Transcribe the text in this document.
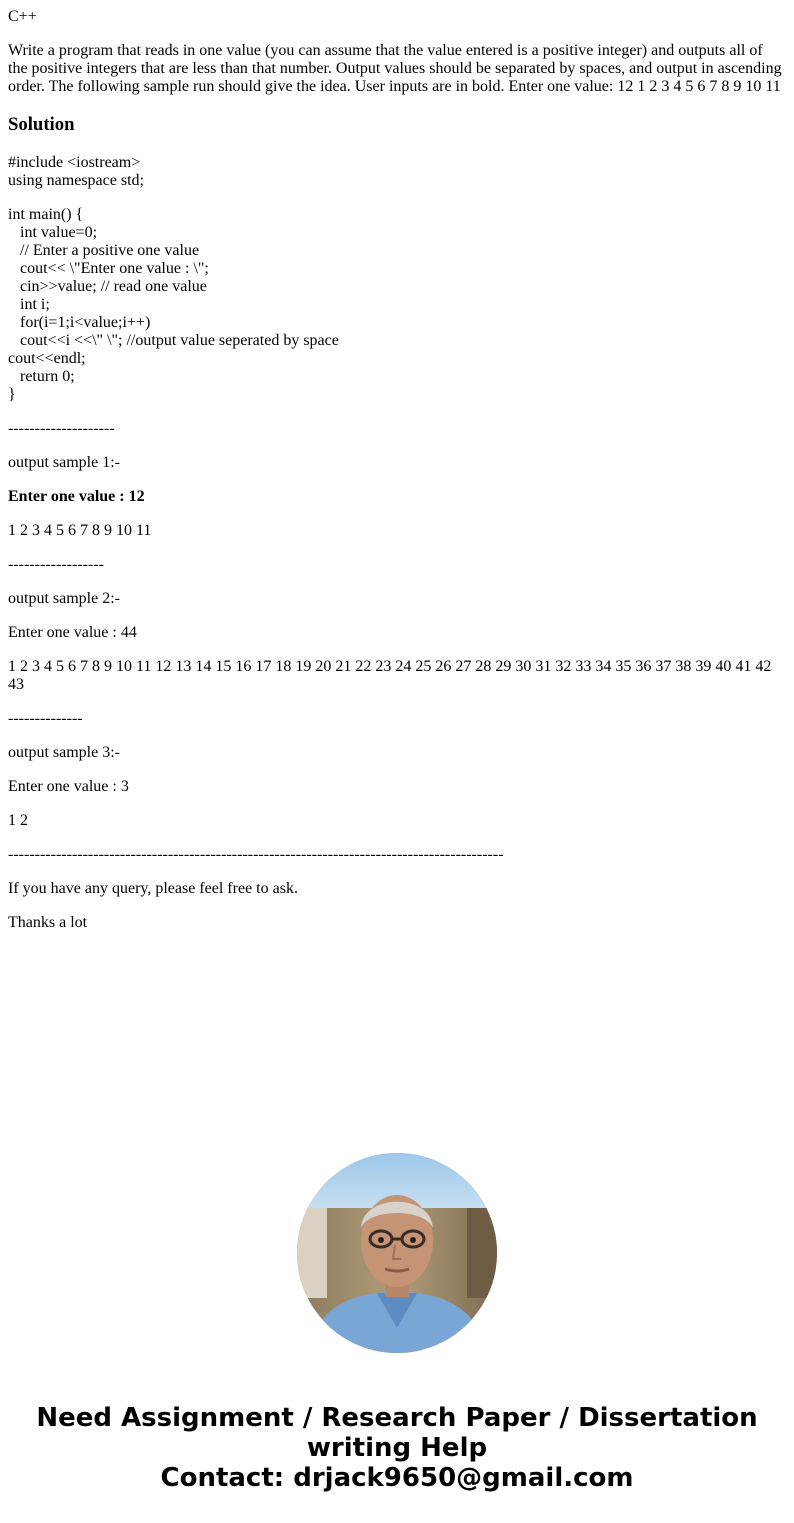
C++

Write a program that reads in one value (you can assume that the value entered is a positive integer) and outputs all of the positive integers that are less than that number. Output values should be separated by spaces, and output in ascending order. The following sample run should give the idea. User inputs are in bold. Enter one value: 12 1 2 3 4 5 6 7 8 9 10 11

Solution
#include <iostream>
using namespace std;
int main() {
int value=0;
// Enter a positive one value
cout<< \"Enter one value : \";
cin>>value; // read one value
int i;
for(i=1;i<value;i++)
cout<<i <<\" \"; //output value seperated by space
cout<<endl;
return 0;
}

--------------------

output sample 1:-

Enter one value : 12

1 2 3 4 5 6 7 8 9 10 11

------------------

output sample 2:-

Enter one value : 44

1 2 3 4 5 6 7 8 9 10 11 12 13 14 15 16 17 18 19 20 21 22 23 24 25 26 27 28 29 30 31 32 33 34 35 36 37 38 39 40 41 42 43

--------------

output sample 3:-

Enter one value : 3

1 2

---------------------------------------------------------------------------------------------

If you have any query, please feel free to ask.

Thanks a lot

Need Assignment / Research Paper / Dissertation
writing Help
Contact: drjack9650@gmail.com
